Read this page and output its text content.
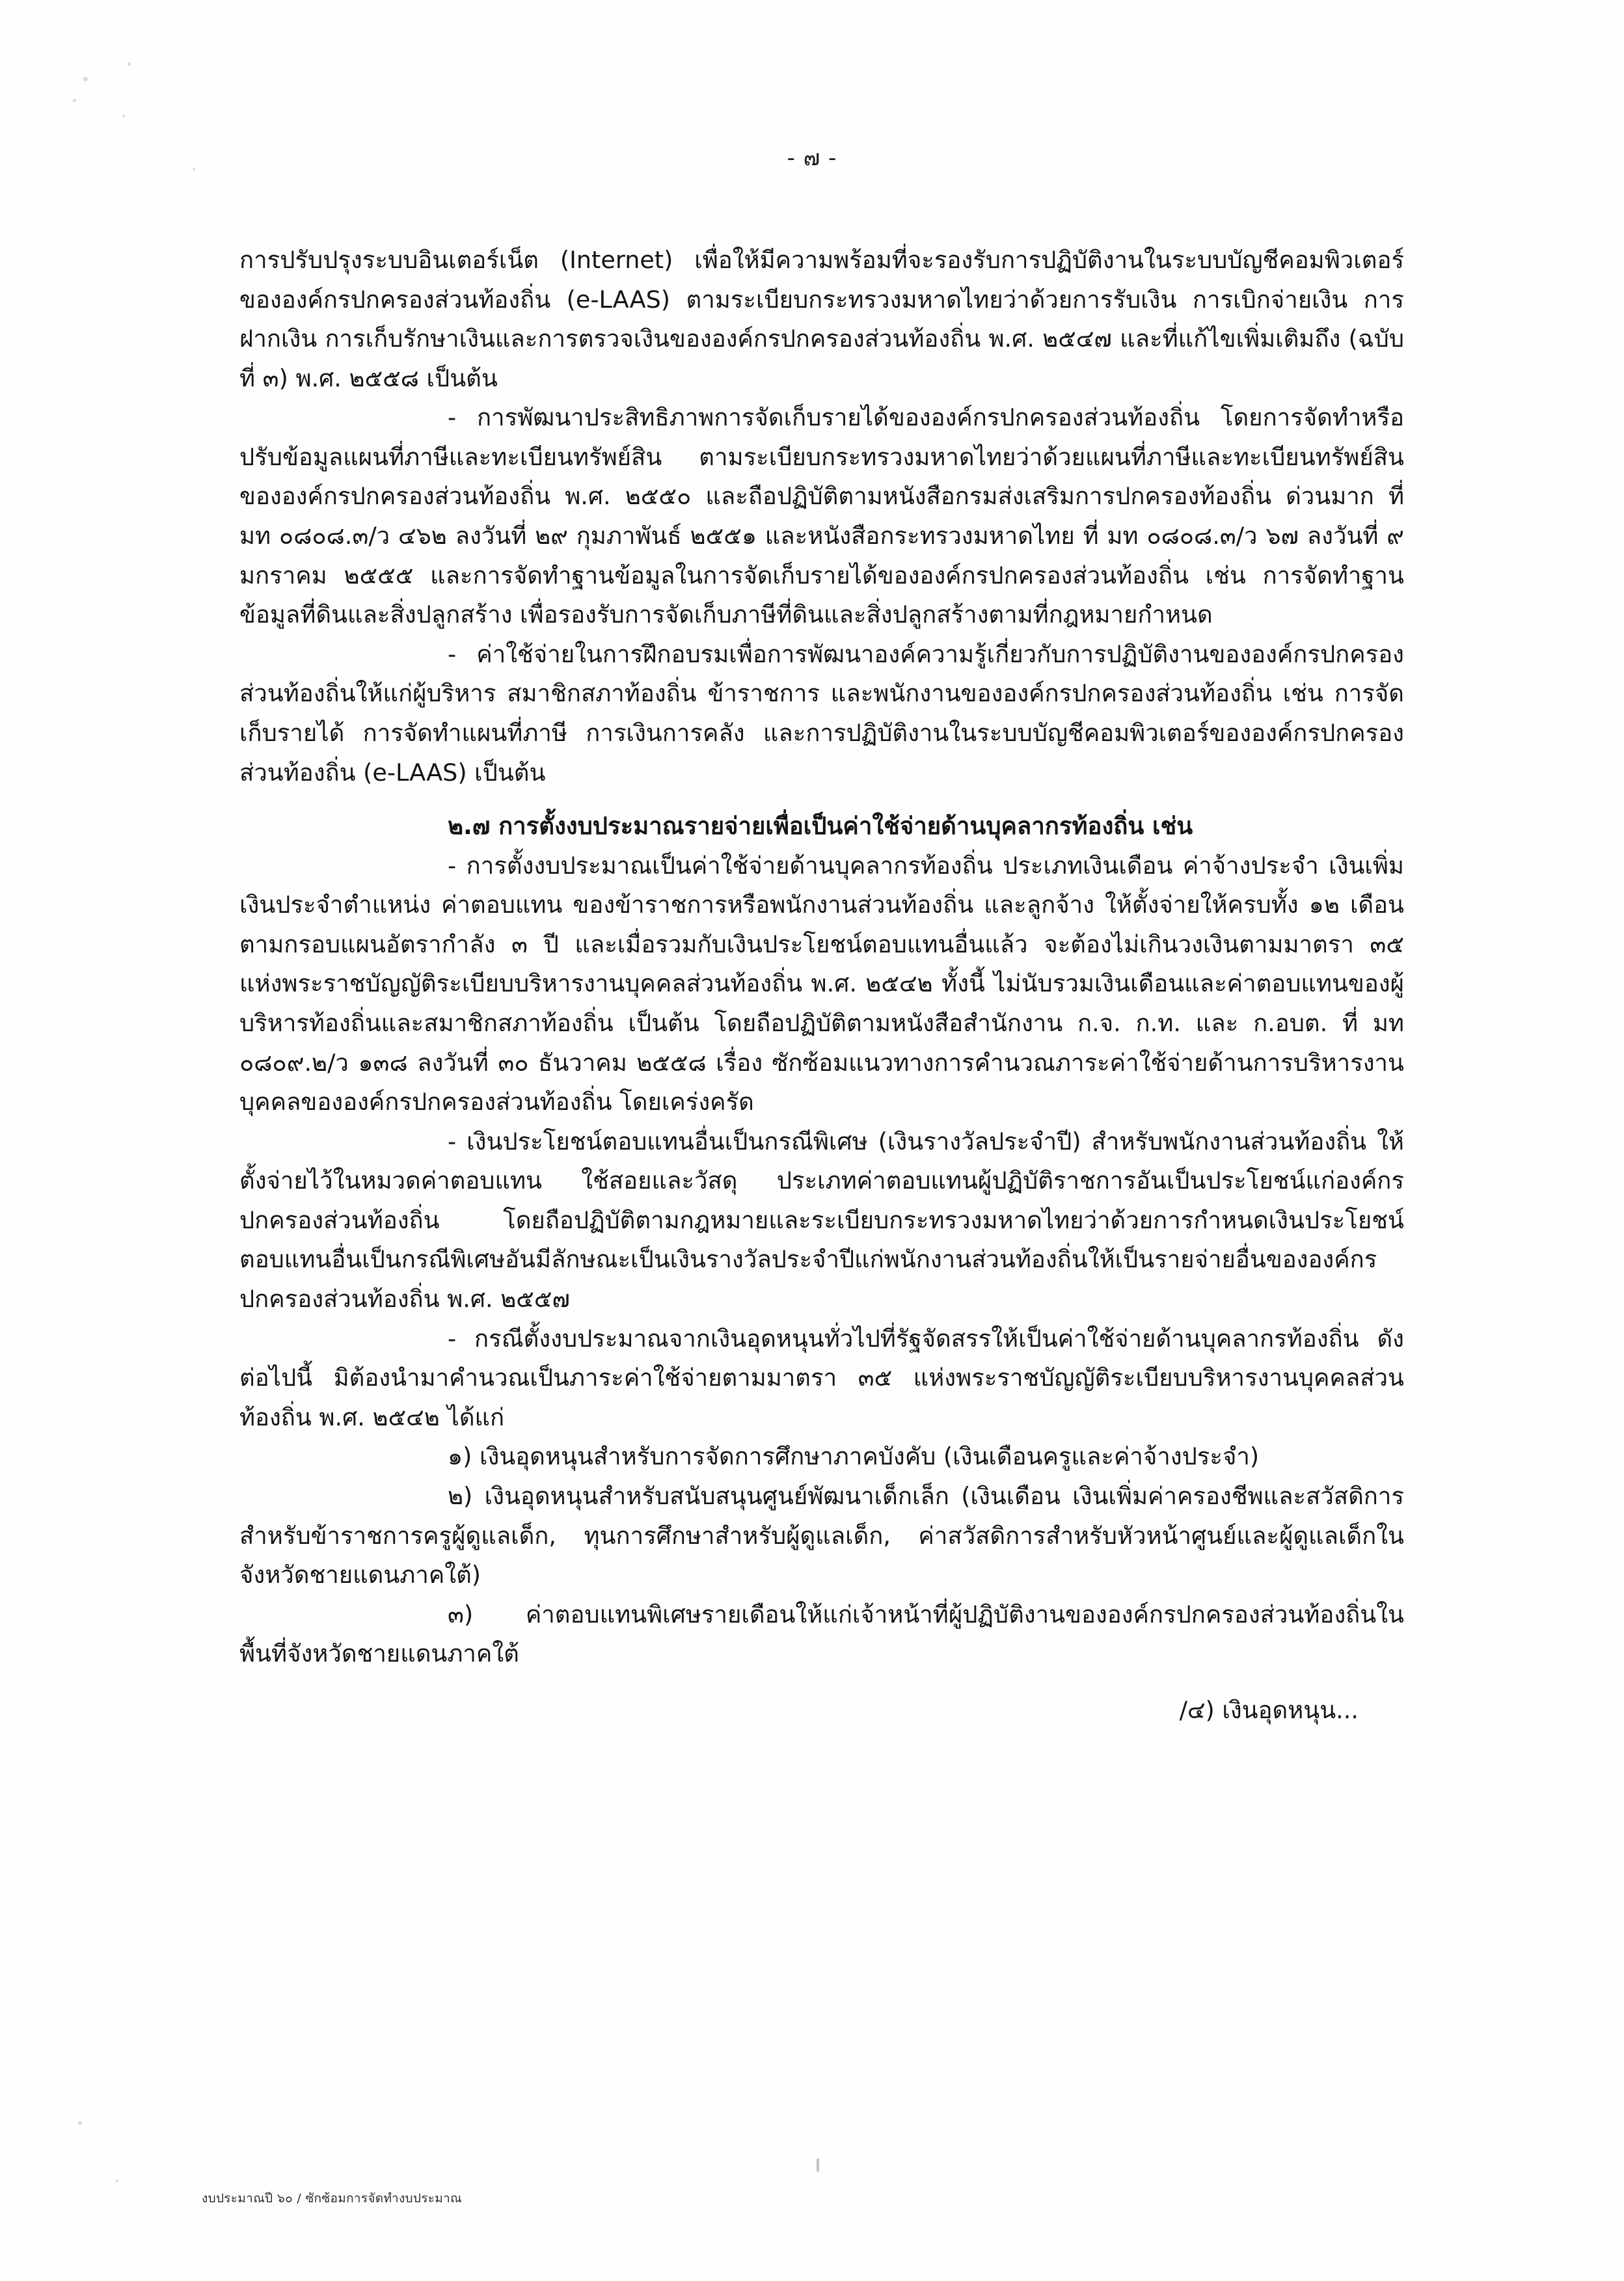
- ๗ -

การปรับปรุงระบบอินเตอร์เน็ต (Internet) เพื่อให้มีความพร้อมที่จะรองรับการปฏิบัติงานในระบบบัญชีคอมพิวเตอร์ขององค์กรปกครองส่วนท้องถิ่น (e-LAAS) ตามระเบียบกระทรวงมหาดไทยว่าด้วยการรับเงิน การเบิกจ่ายเงิน การฝากเงิน การเก็บรักษาเงินและการตรวจเงินขององค์กรปกครองส่วนท้องถิ่น พ.ศ. ๒๕๔๗ และที่แก้ไขเพิ่มเติมถึง (ฉบับที่ ๓) พ.ศ. ๒๕๕๘ เป็นต้น

- การพัฒนาประสิทธิภาพการจัดเก็บรายได้ขององค์กรปกครองส่วนท้องถิ่น โดยการจัดทำหรือปรับข้อมูลแผนที่ภาษีและทะเบียนทรัพย์สิน ตามระเบียบกระทรวงมหาดไทยว่าด้วยแผนที่ภาษีและทะเบียนทรัพย์สินขององค์กรปกครองส่วนท้องถิ่น พ.ศ. ๒๕๕๐ และถือปฏิบัติตามหนังสือกรมส่งเสริมการปกครองท้องถิ่น ด่วนมาก ที่ มท ๐๘๐๘.๓/ว ๔๖๒ ลงวันที่ ๒๙ กุมภาพันธ์ ๒๕๕๑ และหนังสือกระทรวงมหาดไทย ที่ มท ๐๘๐๘.๓/ว ๖๗ ลงวันที่ ๙ มกราคม ๒๕๕๕ และการจัดทำฐานข้อมูลในการจัดเก็บรายได้ขององค์กรปกครองส่วนท้องถิ่น เช่น การจัดทำฐานข้อมูลที่ดินและสิ่งปลูกสร้าง เพื่อรองรับการจัดเก็บภาษีที่ดินและสิ่งปลูกสร้างตามที่กฎหมายกำหนด

- ค่าใช้จ่ายในการฝึกอบรมเพื่อการพัฒนาองค์ความรู้เกี่ยวกับการปฏิบัติงานขององค์กรปกครองส่วนท้องถิ่นให้แก่ผู้บริหาร สมาชิกสภาท้องถิ่น ข้าราชการ และพนักงานขององค์กรปกครองส่วนท้องถิ่น เช่น การจัดเก็บรายได้ การจัดทำแผนที่ภาษี การเงินการคลัง และการปฏิบัติงานในระบบบัญชีคอมพิวเตอร์ขององค์กรปกครองส่วนท้องถิ่น (e-LAAS) เป็นต้น

๒.๗ การตั้งงบประมาณรายจ่ายเพื่อเป็นค่าใช้จ่ายด้านบุคลากรท้องถิ่น เช่น

- การตั้งงบประมาณเป็นค่าใช้จ่ายด้านบุคลากรท้องถิ่น ประเภทเงินเดือน ค่าจ้างประจำ เงินเพิ่ม เงินประจำตำแหน่ง ค่าตอบแทน ของข้าราชการหรือพนักงานส่วนท้องถิ่น และลูกจ้าง ให้ตั้งจ่ายให้ครบทั้ง ๑๒ เดือน ตามกรอบแผนอัตรากำลัง ๓ ปี และเมื่อรวมกับเงินประโยชน์ตอบแทนอื่นแล้ว จะต้องไม่เกินวงเงินตามมาตรา ๓๕ แห่งพระราชบัญญัติระเบียบบริหารงานบุคคลส่วนท้องถิ่น พ.ศ. ๒๕๔๒ ทั้งนี้ ไม่นับรวมเงินเดือนและค่าตอบแทนของผู้บริหารท้องถิ่นและสมาชิกสภาท้องถิ่น เป็นต้น โดยถือปฏิบัติตามหนังสือสำนักงาน ก.จ. ก.ท. และ ก.อบต. ที่ มท ๐๘๐๙.๒/ว ๑๓๘ ลงวันที่ ๓๐ ธันวาคม ๒๕๕๘ เรื่อง ซักซ้อมแนวทางการคำนวณภาระค่าใช้จ่ายด้านการบริหารงานบุคคลขององค์กรปกครองส่วนท้องถิ่น โดยเคร่งครัด

- เงินประโยชน์ตอบแทนอื่นเป็นกรณีพิเศษ (เงินรางวัลประจำปี) สำหรับพนักงานส่วนท้องถิ่น ให้ตั้งจ่ายไว้ในหมวดค่าตอบแทน ใช้สอยและวัสดุ ประเภทค่าตอบแทนผู้ปฏิบัติราชการอันเป็นประโยชน์แก่องค์กรปกครองส่วนท้องถิ่น โดยถือปฏิบัติตามกฎหมายและระเบียบกระทรวงมหาดไทยว่าด้วยการกำหนดเงินประโยชน์ตอบแทนอื่นเป็นกรณีพิเศษอันมีลักษณะเป็นเงินรางวัลประจำปีแก่พนักงานส่วนท้องถิ่นให้เป็นรายจ่ายอื่นขององค์กรปกครองส่วนท้องถิ่น พ.ศ. ๒๕๕๗

- กรณีตั้งงบประมาณจากเงินอุดหนุนทั่วไปที่รัฐจัดสรรให้เป็นค่าใช้จ่ายด้านบุคลากรท้องถิ่น ดังต่อไปนี้ มิต้องนำมาคำนวณเป็นภาระค่าใช้จ่ายตามมาตรา ๓๕ แห่งพระราชบัญญัติระเบียบบริหารงานบุคคลส่วนท้องถิ่น พ.ศ. ๒๕๔๒ ได้แก่

๑) เงินอุดหนุนสำหรับการจัดการศึกษาภาคบังคับ (เงินเดือนครูและค่าจ้างประจำ)

๒) เงินอุดหนุนสำหรับสนับสนุนศูนย์พัฒนาเด็กเล็ก (เงินเดือน เงินเพิ่มค่าครองชีพและสวัสดิการ สำหรับข้าราชการครูผู้ดูแลเด็ก, ทุนการศึกษาสำหรับผู้ดูแลเด็ก, ค่าสวัสดิการสำหรับหัวหน้าศูนย์และผู้ดูแลเด็กในจังหวัดชายแดนภาคใต้)

๓) ค่าตอบแทนพิเศษรายเดือนให้แก่เจ้าหน้าที่ผู้ปฏิบัติงานขององค์กรปกครองส่วนท้องถิ่นในพื้นที่จังหวัดชายแดนภาคใต้

/๔) เงินอุดหนุน...

งบประมาณปี ๖๐ / ซักซ้อมการจัดทำงบประมาณ
